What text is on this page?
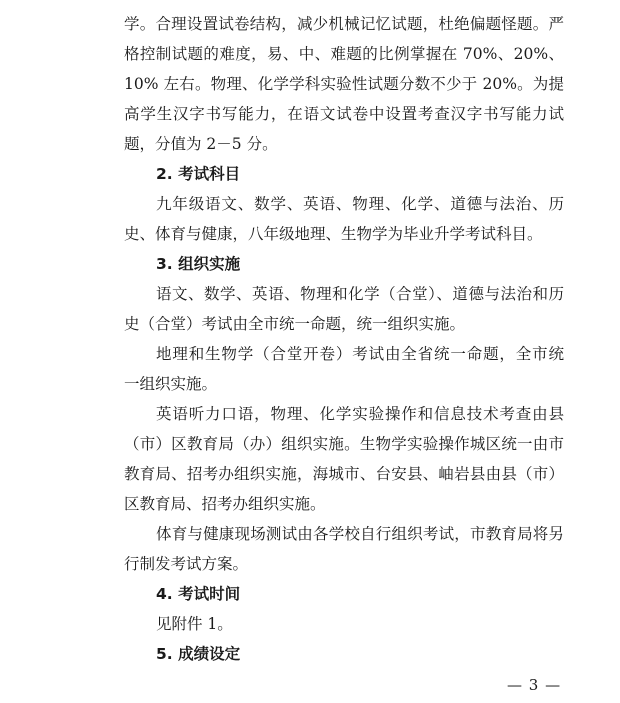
学。合理设置试卷结构，减少机械记忆试题，杜绝偏题怪题。严
格控制试题的难度，易、中、难题的比例掌握在 70%、20%、
10% 左右。物理、化学学科实验性试题分数不少于 20%。为提
高学生汉字书写能力，在语文试卷中设置考查汉字书写能力试
题，分值为 2－5 分。
2. 考试科目
九年级语文、数学、英语、物理、化学、道德与法治、历
史、体育与健康，八年级地理、生物学为毕业升学考试科目。
3. 组织实施
语文、数学、英语、物理和化学（合堂）、道德与法治和历
史（合堂）考试由全市统一命题，统一组织实施。
地理和生物学（合堂开卷）考试由全省统一命题，全市统
一组织实施。
英语听力口语，物理、化学实验操作和信息技术考查由县
（市）区教育局（办）组织实施。生物学实验操作城区统一由市
教育局、招考办组织实施，海城市、台安县、岫岩县由县（市）
区教育局、招考办组织实施。
体育与健康现场测试由各学校自行组织考试，市教育局将另
行制发考试方案。
4. 考试时间
见附件 1。
5. 成绩设定
— 3 —
